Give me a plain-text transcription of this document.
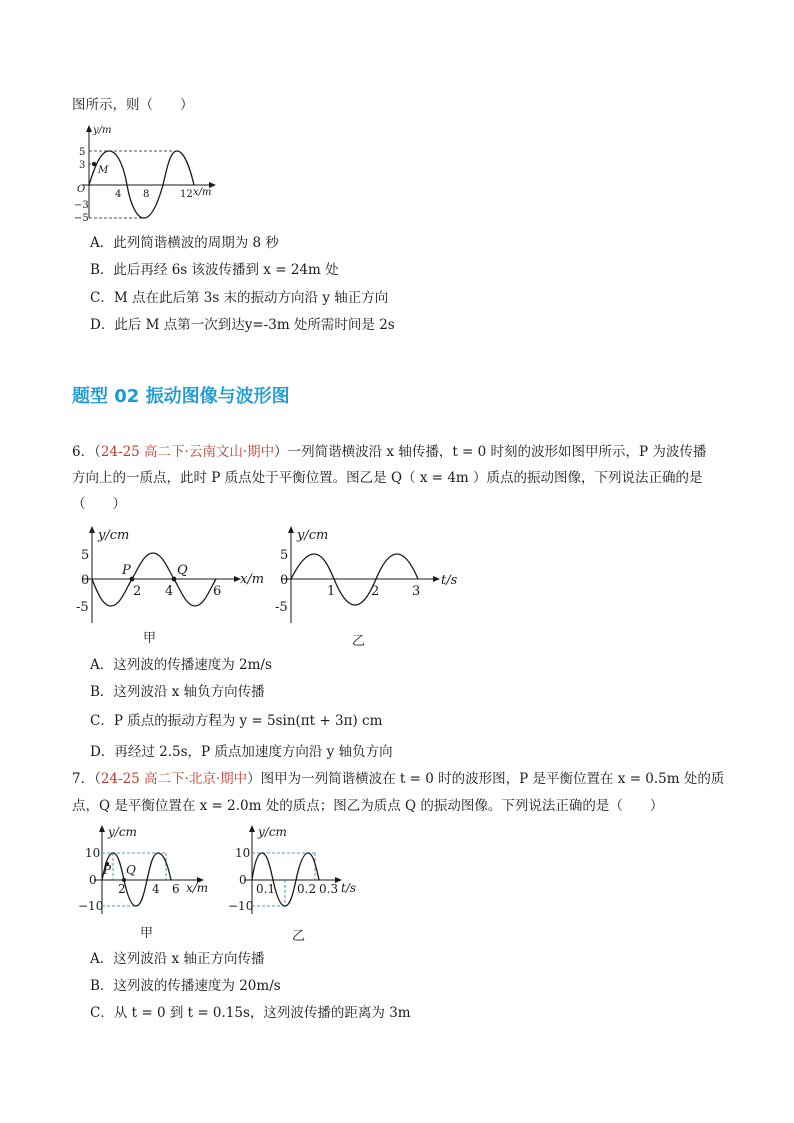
图所示，则（　　）
y/m
x/m
O
5
3
−3
−5
4 8	12
M
A．此列简谐横波的周期为 8 秒
B．此后再经 6s 该波传播到 x = 24m 处
C．M 点在此后第 3s 末的振动方向沿 y 轴正方向
D．此后 M 点第一次到达y=-3m 处所需时间是 2s
题型 02 振动图像与波形图
6．（24-25 高二下·云南文山·期中）一列简谐横波沿 x 轴传播，t = 0 时刻的波形如图甲所示，P 为波传播
方向上的一质点，此时 P 质点处于平衡位置。图乙是 Q（ x = 4m ）质点的振动图像，下列说法正确的是
（　　）
y/cm
x/m
5
0
-5
2 4	6
P	Q
甲
y/cm
t/s
5
0
-5
1	2	3
乙
A．这列波的传播速度为 2m/s
B．这列波沿 x 轴负方向传播
C．P 质点的振动方程为 y = 5sin(πt + 3π) cm
D．再经过 2.5s，P 质点加速度方向沿 y 轴负方向
7．（24-25 高二下·北京·期中）图甲为一列简谐横波在 t = 0 时的波形图，P 是平衡位置在 x = 0.5m 处的质
点，Q 是平衡位置在 x = 2.0m 处的质点；图乙为质点 Q 的振动图像。下列说法正确的是（　　）
y/cm
x/m
10
0
−10
2 4 6
P Q
甲
y/cm
t/s
10
0
−10
0.1 0.2 0.3
乙
A．这列波沿 x 轴正方向传播
B．这列波的传播速度为 20m/s
C．从 t = 0 到 t = 0.15s，这列波传播的距离为 3m
